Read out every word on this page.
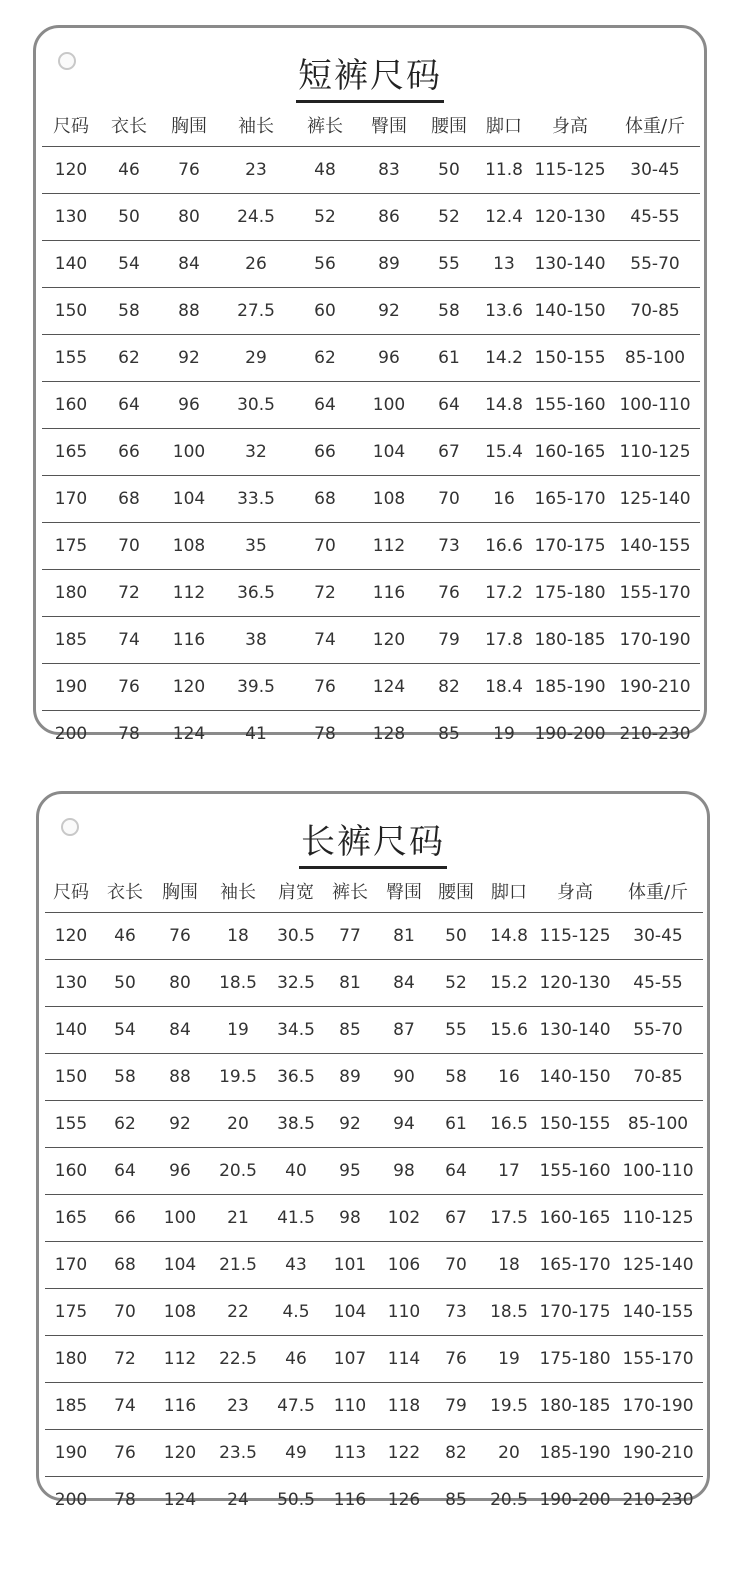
短裤尺码
尺码	衣长	胸围	袖长	裤长	臀围	腰围	脚口	身高	体重/斤
120	46	76	23	48	83	50	11.8	115-125	30-45
130	50	80	24.5	52	86	52	12.4	120-130	45-55
140	54	84	26	56	89	55	13	130-140	55-70
150	58	88	27.5	60	92	58	13.6	140-150	70-85
155	62	92	29	62	96	61	14.2	150-155	85-100
160	64	96	30.5	64	100	64	14.8	155-160	100-110
165	66	100	32	66	104	67	15.4	160-165	110-125
170	68	104	33.5	68	108	70	16	165-170	125-140
175	70	108	35	70	112	73	16.6	170-175	140-155
180	72	112	36.5	72	116	76	17.2	175-180	155-170
185	74	116	38	74	120	79	17.8	180-185	170-190
190	76	120	39.5	76	124	82	18.4	185-190	190-210
200	78	124	41	78	128	85	19	190-200	210-230
长裤尺码
尺码	衣长	胸围	袖长	肩宽	裤长	臀围	腰围	脚口	身高	体重/斤
120	46	76	18	30.5	77	81	50	14.8	115-125	30-45
130	50	80	18.5	32.5	81	84	52	15.2	120-130	45-55
140	54	84	19	34.5	85	87	55	15.6	130-140	55-70
150	58	88	19.5	36.5	89	90	58	16	140-150	70-85
155	62	92	20	38.5	92	94	61	16.5	150-155	85-100
160	64	96	20.5	40	95	98	64	17	155-160	100-110
165	66	100	21	41.5	98	102	67	17.5	160-165	110-125
170	68	104	21.5	43	101	106	70	18	165-170	125-140
175	70	108	22	4.5	104	110	73	18.5	170-175	140-155
180	72	112	22.5	46	107	114	76	19	175-180	155-170
185	74	116	23	47.5	110	118	79	19.5	180-185	170-190
190	76	120	23.5	49	113	122	82	20	185-190	190-210
200	78	124	24	50.5	116	126	85	20.5	190-200	210-230
